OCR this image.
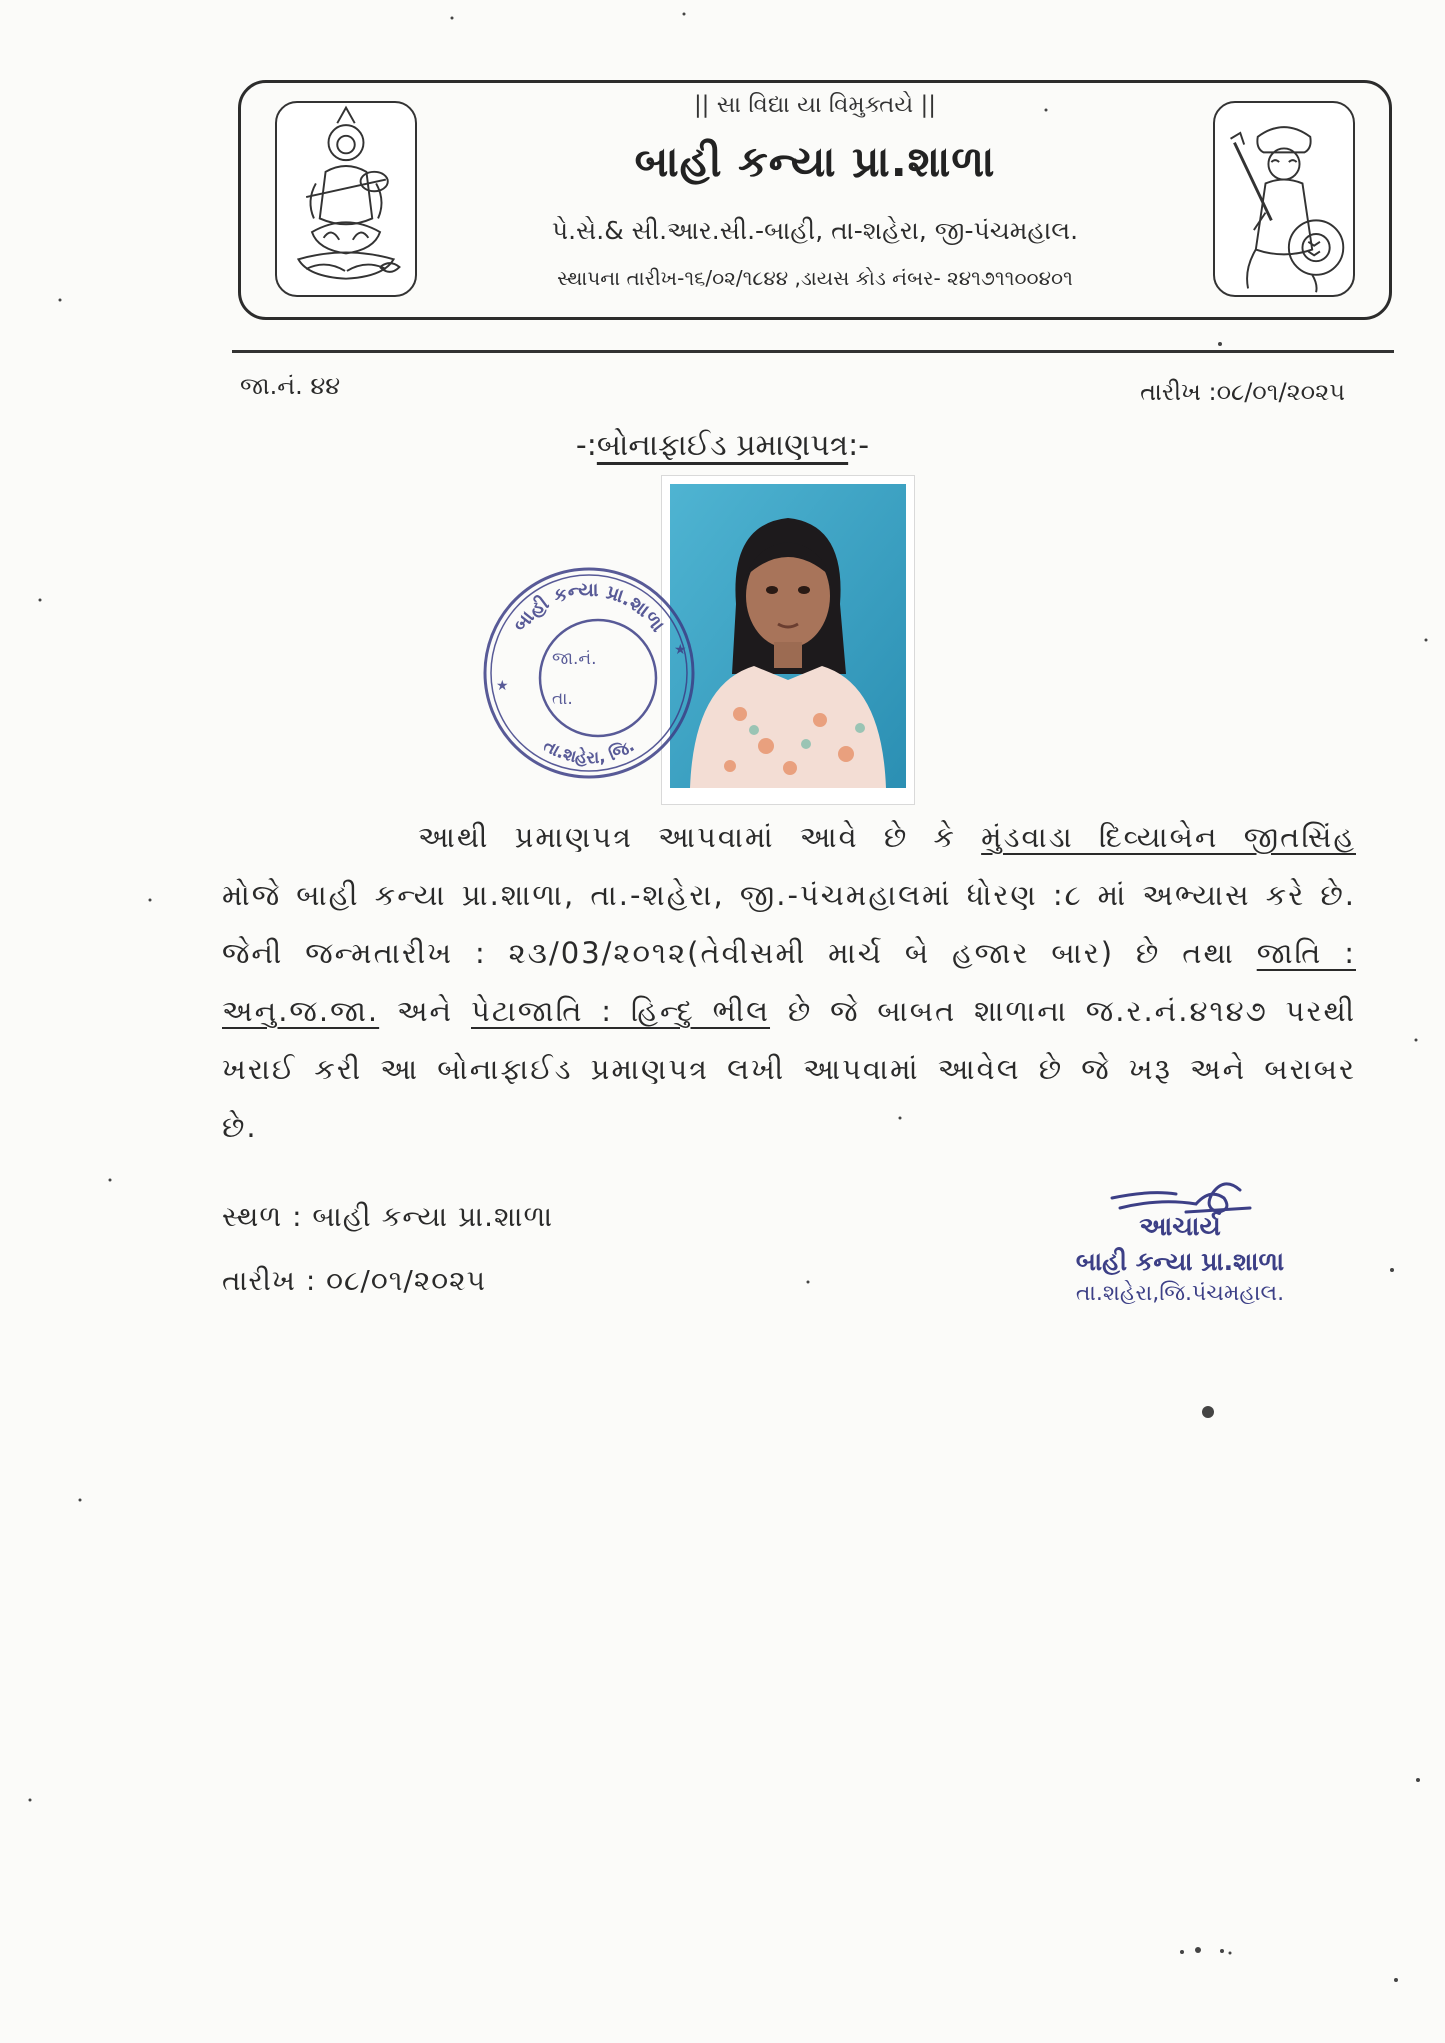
|| સા વિદ્યા યા વિમુક્તયે ||
બાહી કન્યા પ્રા.શાળા
પે.સે.& સી.આર.સી.-બાહી, તા-શહેરા, જી-પંચમહાલ.
સ્થાપના તારીખ-૧૬/૦૨/૧૮૪૪ ,ડાયસ કોડ નંબર- ૨૪૧૭૧૧૦૦૪૦૧
જા.નં. ૪૪	તારીખ :૦૮/૦૧/૨૦૨૫
-:બોનાફાઈડ પ્રમાણપત્ર:-
બાહી કન્યા પ્રા.શાળા
તા.શહેરા, જિ.
જા.નં.
તા.
★
★
આથી પ્રમાણપત્ર આપવામાં આવે છે કે મુંડવાડા દિવ્યાબેન જીતસિંહ
મોજે બાહી કન્યા પ્રા.શાળા, તા.-શહેરા, જી.-પંચમહાલમાં ધોરણ :૮ માં અભ્યાસ કરે છે.
જેની જન્મતારીખ : ૨૩/03/૨૦૧૨(તેવીસમી માર્ચ બે હજાર બાર) છે તથા જાતિ :
અનુ.જ.જા. અને પેટાજાતિ : હિન્દુ ભીલ છે જે બાબત શાળાના જ.ર.નં.૪૧૪૭ પરથી
ખરાઈ કરી આ બોનાફાઈડ પ્રમાણપત્ર લખી આપવામાં આવેલ છે જે ખરૂ અને બરાબર
છે.
સ્થળ : બાહી કન્યા પ્રા.શાળા
તારીખ : ૦૮/૦૧/૨૦૨૫
આચાર્ય
બાહી કન્યા પ્રા.શાળા
તા.શહેરા,જિ.પંચમહાલ.
